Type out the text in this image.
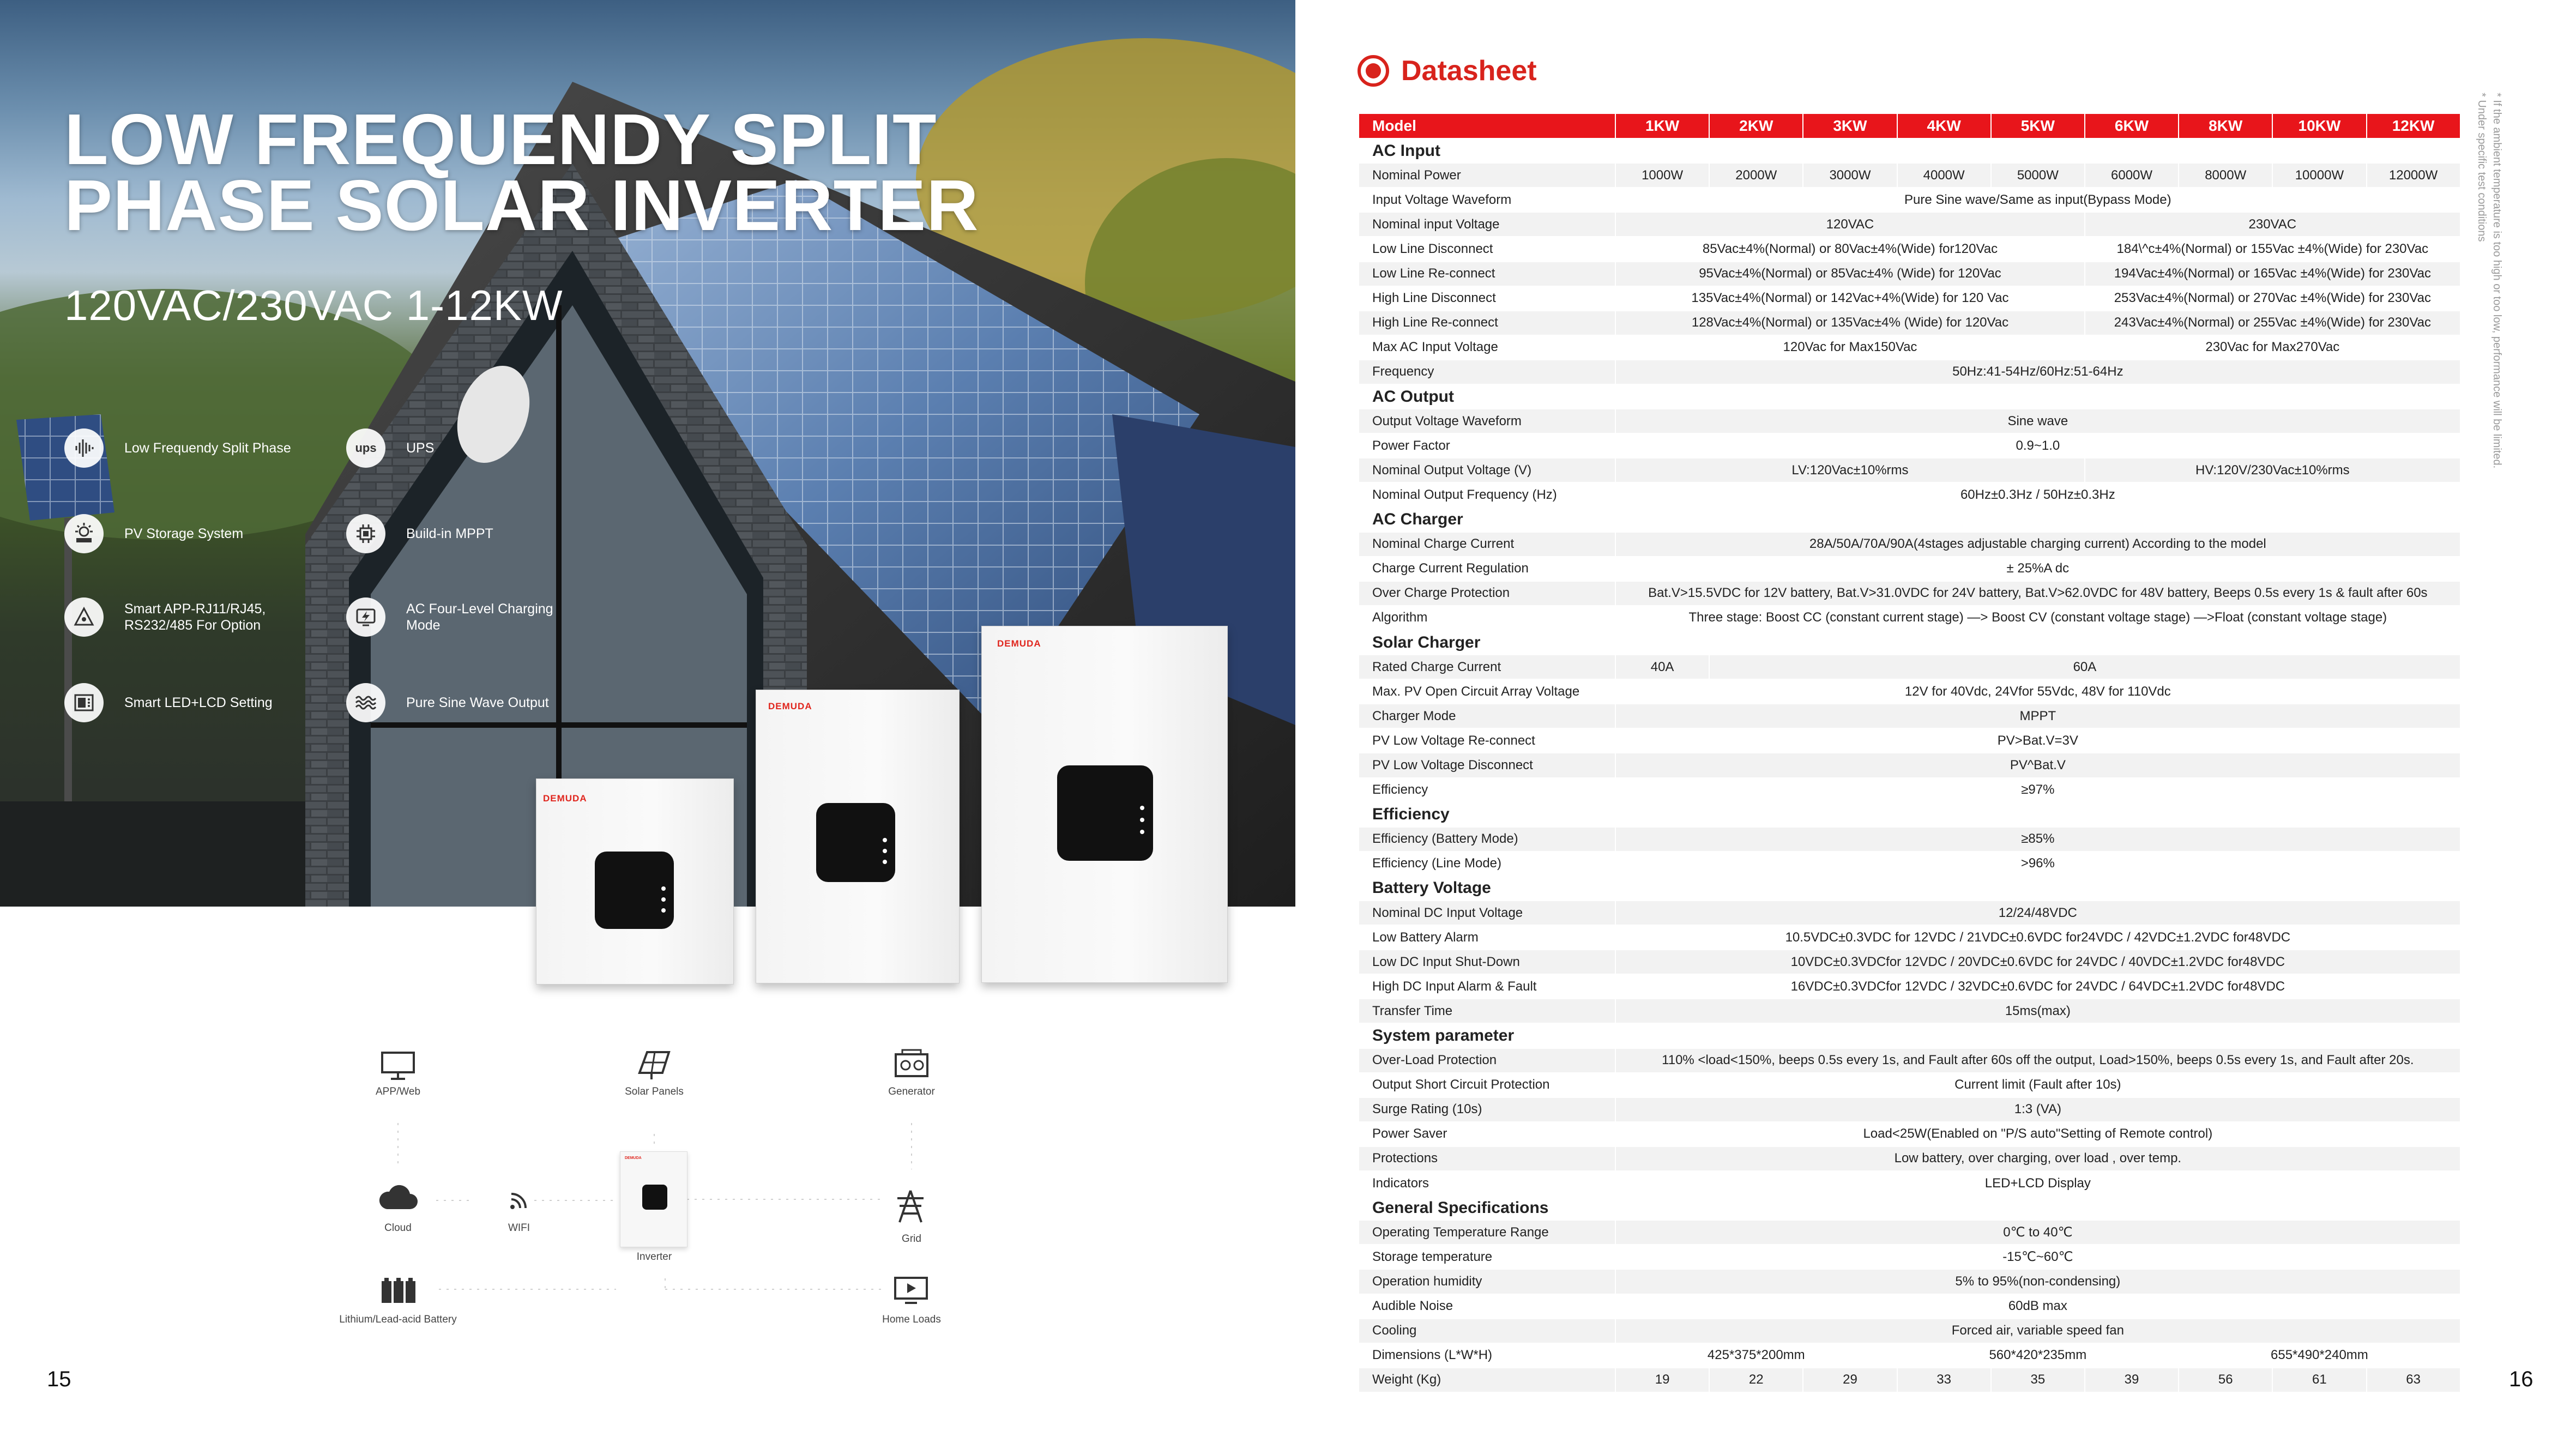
LOW FREQUENDY SPLIT
PHASE SOLAR INVERTER
120VAC/230VAC 1-12KW
Low Frequendy Split Phase	ups UPS
PV Storage System	Build-in MPPT
Smart APP-RJ11/RJ45, RS232/485 For Option
AC Four-Level Charging Mode
Smart LED+LCD Setting	Pure Sine Wave Output
DEMUDA
DEMUDA
DEMUDA
APP/Web	Solar Panels	Generator
Cloud	WIFI
DEMUDA
Inverter
Grid
Lithium/Lead-acid Battery	Home Loads
15
Datasheet
* If the ambient temperature is too high or too low, performance will be limited.
* Under specific test conditions
Model	1KW	2KW	3KW	4KW	5KW	6KW	8KW	10KW	12KW
AC Input									
Nominal Power	1000W	2000W	3000W	4000W	5000W	6000W	8000W	10000W	12000W
Input Voltage Waveform	Pure Sine wave/Same as input(Bypass Mode)								
Nominal input Voltage	120VAC					230VAC			
Low Line Disconnect	85Vac±4%(Normal) or 80Vac±4%(Wide) for120Vac					184\^c±4%(Normal) or 155Vac ±4%(Wide) for 230Vac			
Low Line Re-connect	95Vac±4%(Normal) or 85Vac±4% (Wide) for 120Vac					194Vac±4%(Normal) or 165Vac ±4%(Wide) for 230Vac			
High Line Disconnect	135Vac±4%(Normal) or 142Vac+4%(Wide) for 120 Vac					253Vac±4%(Normal) or 270Vac ±4%(Wide) for 230Vac			
High Line Re-connect	128Vac±4%(Normal) or 135Vac±4% (Wide) for 120Vac					243Vac±4%(Normal) or 255Vac ±4%(Wide) for 230Vac			
Max AC Input Voltage	120Vac for Max150Vac					230Vac for Max270Vac			
Frequency	50Hz:41-54Hz/60Hz:51-64Hz								
AC Output									
Output Voltage Waveform	Sine wave								
Power Factor	0.9~1.0								
Nominal Output Voltage (V)	LV:120Vac±10%rms					HV:120V/230Vac±10%rms			
Nominal Output Frequency (Hz)	60Hz±0.3Hz / 50Hz±0.3Hz								
AC Charger									
Nominal Charge Current	28A/50A/70A/90A(4stages adjustable charging current) According to the model								
Charge Current Regulation	± 25%A dc								
Over Charge Protection	Bat.V>15.5VDC for 12V battery, Bat.V>31.0VDC for 24V battery, Bat.V>62.0VDC for 48V battery, Beeps 0.5s every 1s & fault after 60s								
Algorithm	Three stage: Boost CC (constant current stage) —> Boost CV (constant voltage stage) —>Float (constant voltage stage)								
Solar Charger									
Rated Charge Current	40A	60A							
Max. PV Open Circuit Array Voltage	12V for 40Vdc, 24Vfor 55Vdc, 48V for 110Vdc								
Charger Mode	MPPT								
PV Low Voltage Re-connect	PV>Bat.V=3V								
PV Low Voltage Disconnect	PV^Bat.V								
Efficiency	≥97%								
Efficiency									
Efficiency (Battery Mode)	≥85%								
Efficiency (Line Mode)	>96%								
Battery Voltage									
Nominal DC Input Voltage	12/24/48VDC								
Low Battery Alarm	10.5VDC±0.3VDC for 12VDC / 21VDC±0.6VDC for24VDC / 42VDC±1.2VDC for48VDC								
Low DC Input Shut-Down	10VDC±0.3VDCfor 12VDC / 20VDC±0.6VDC for 24VDC / 40VDC±1.2VDC for48VDC								
High DC Input Alarm & Fault	16VDC±0.3VDCfor 12VDC / 32VDC±0.6VDC for 24VDC / 64VDC±1.2VDC for48VDC								
Transfer Time	15ms(max)								
System parameter									
Over-Load Protection	110% <load<150%, beeps 0.5s every 1s, and Fault after 60s off the output, Load>150%, beeps 0.5s every 1s, and Fault after 20s.								
Output Short Circuit Protection	Current limit (Fault after 10s)								
Surge Rating (10s)	1:3 (VA)								
Power Saver	Load<25W(Enabled on "P/S auto"Setting of Remote control)								
Protections	Low battery, over charging, over load , over temp.								
Indicators	LED+LCD Display								
General Specifications									
Operating Temperature Range	0℃ to 40℃								
Storage temperature	-15℃~60℃								
Operation humidity	5% to 95%(non-condensing)								
Audible Noise	60dB max								
Cooling	Forced air, variable speed fan								
Dimensions (L*W*H)	425*375*200mm			560*420*235mm			655*490*240mm		
Weight (Kg)	19	22	29	33	35	39	56	61	63	16
